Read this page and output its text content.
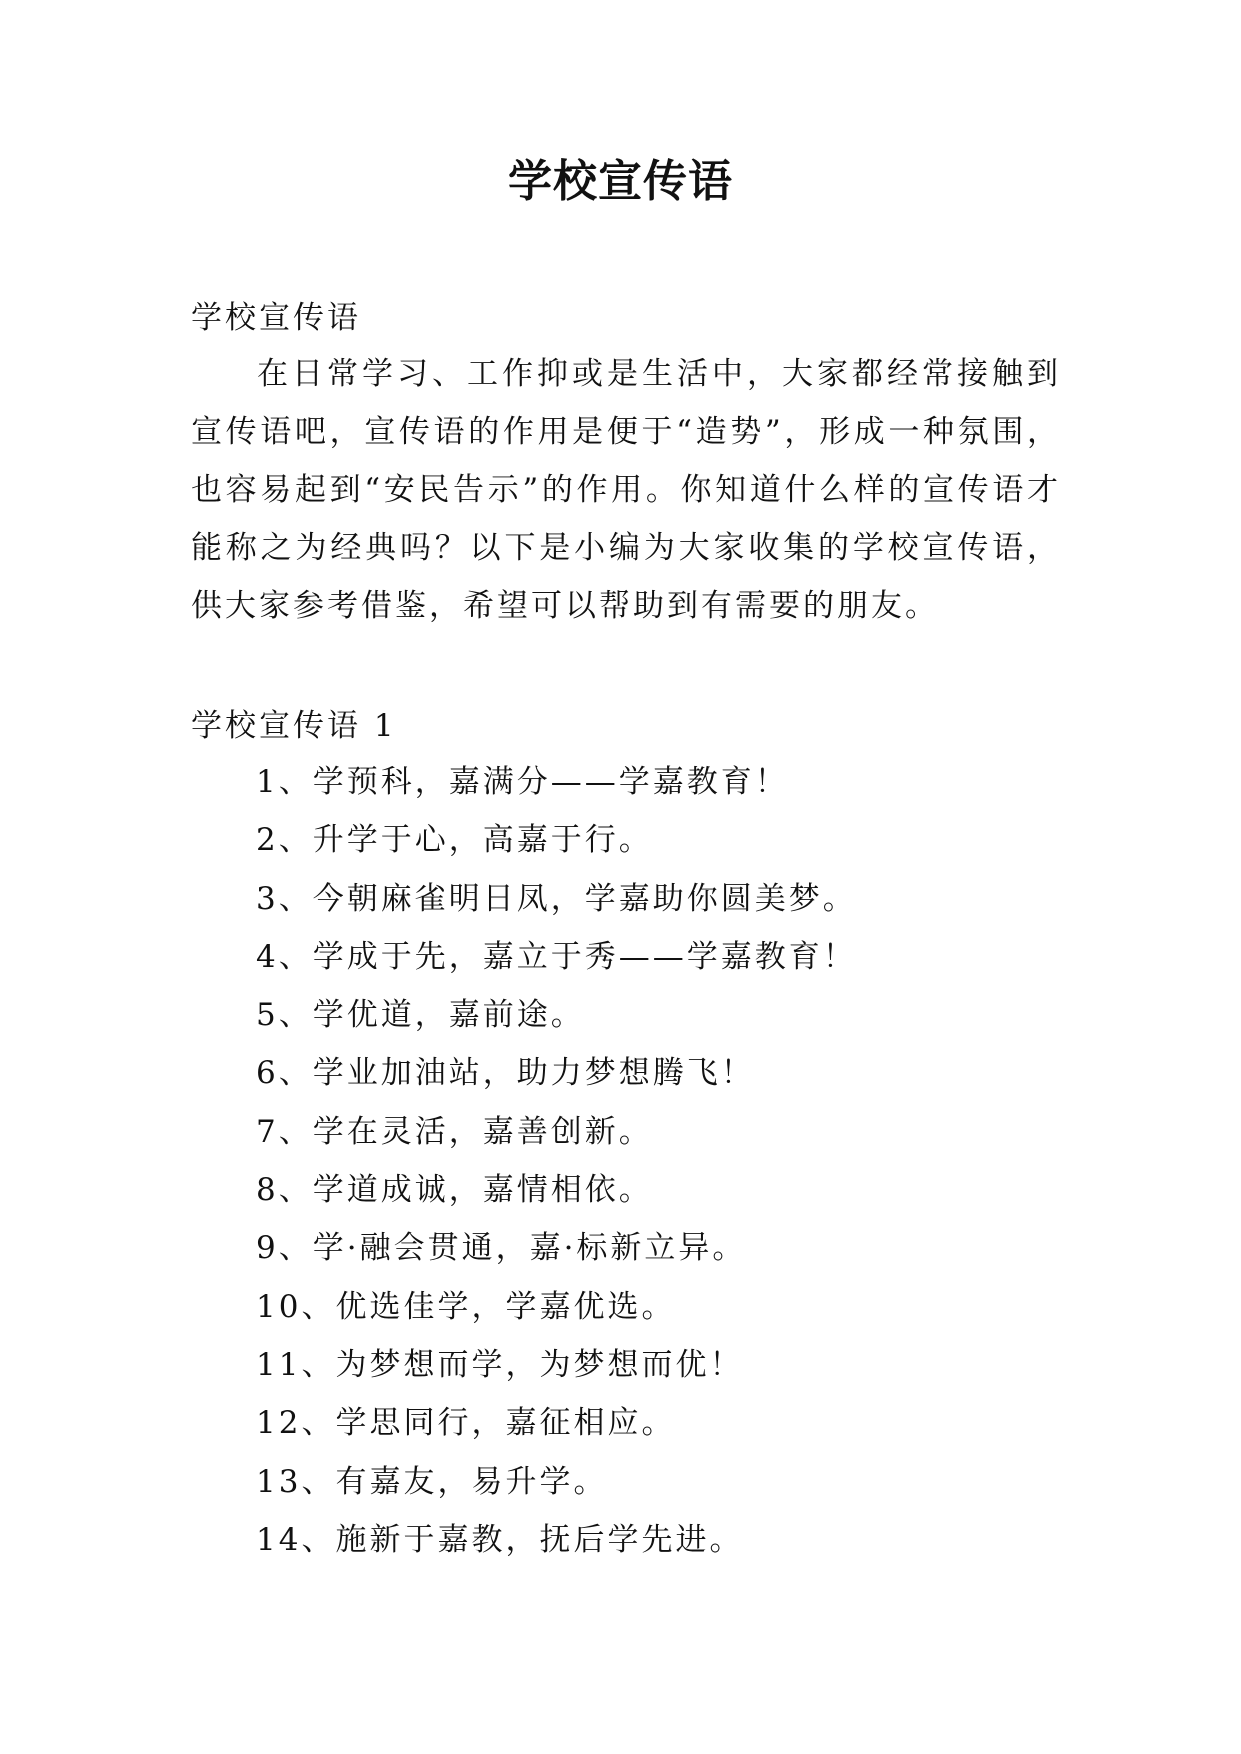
学校宣传语
学校宣传语

在日常学习、工作抑或是生活中，大家都经常接触到宣传语吧，宣传语的作用是便于“造势”，形成一种氛围，也容易起到“安民告示”的作用。你知道什么样的宣传语才能称之为经典吗？以下是小编为大家收集的学校宣传语，供大家参考借鉴，希望可以帮助到有需要的朋友。

学校宣传语 1
1、学预科，嘉满分——学嘉教育！
2、升学于心，高嘉于行。
3、今朝麻雀明日凤，学嘉助你圆美梦。
4、学成于先，嘉立于秀——学嘉教育！
5、学优道，嘉前途。
6、学业加油站，助力梦想腾飞！
7、学在灵活，嘉善创新。
8、学道成诚，嘉情相依。
9、学·融会贯通，嘉·标新立异。
10、优选佳学，学嘉优选。
11、为梦想而学，为梦想而优！
12、学思同行，嘉征相应。
13、有嘉友，易升学。
14、施新于嘉教，抚后学先进。
